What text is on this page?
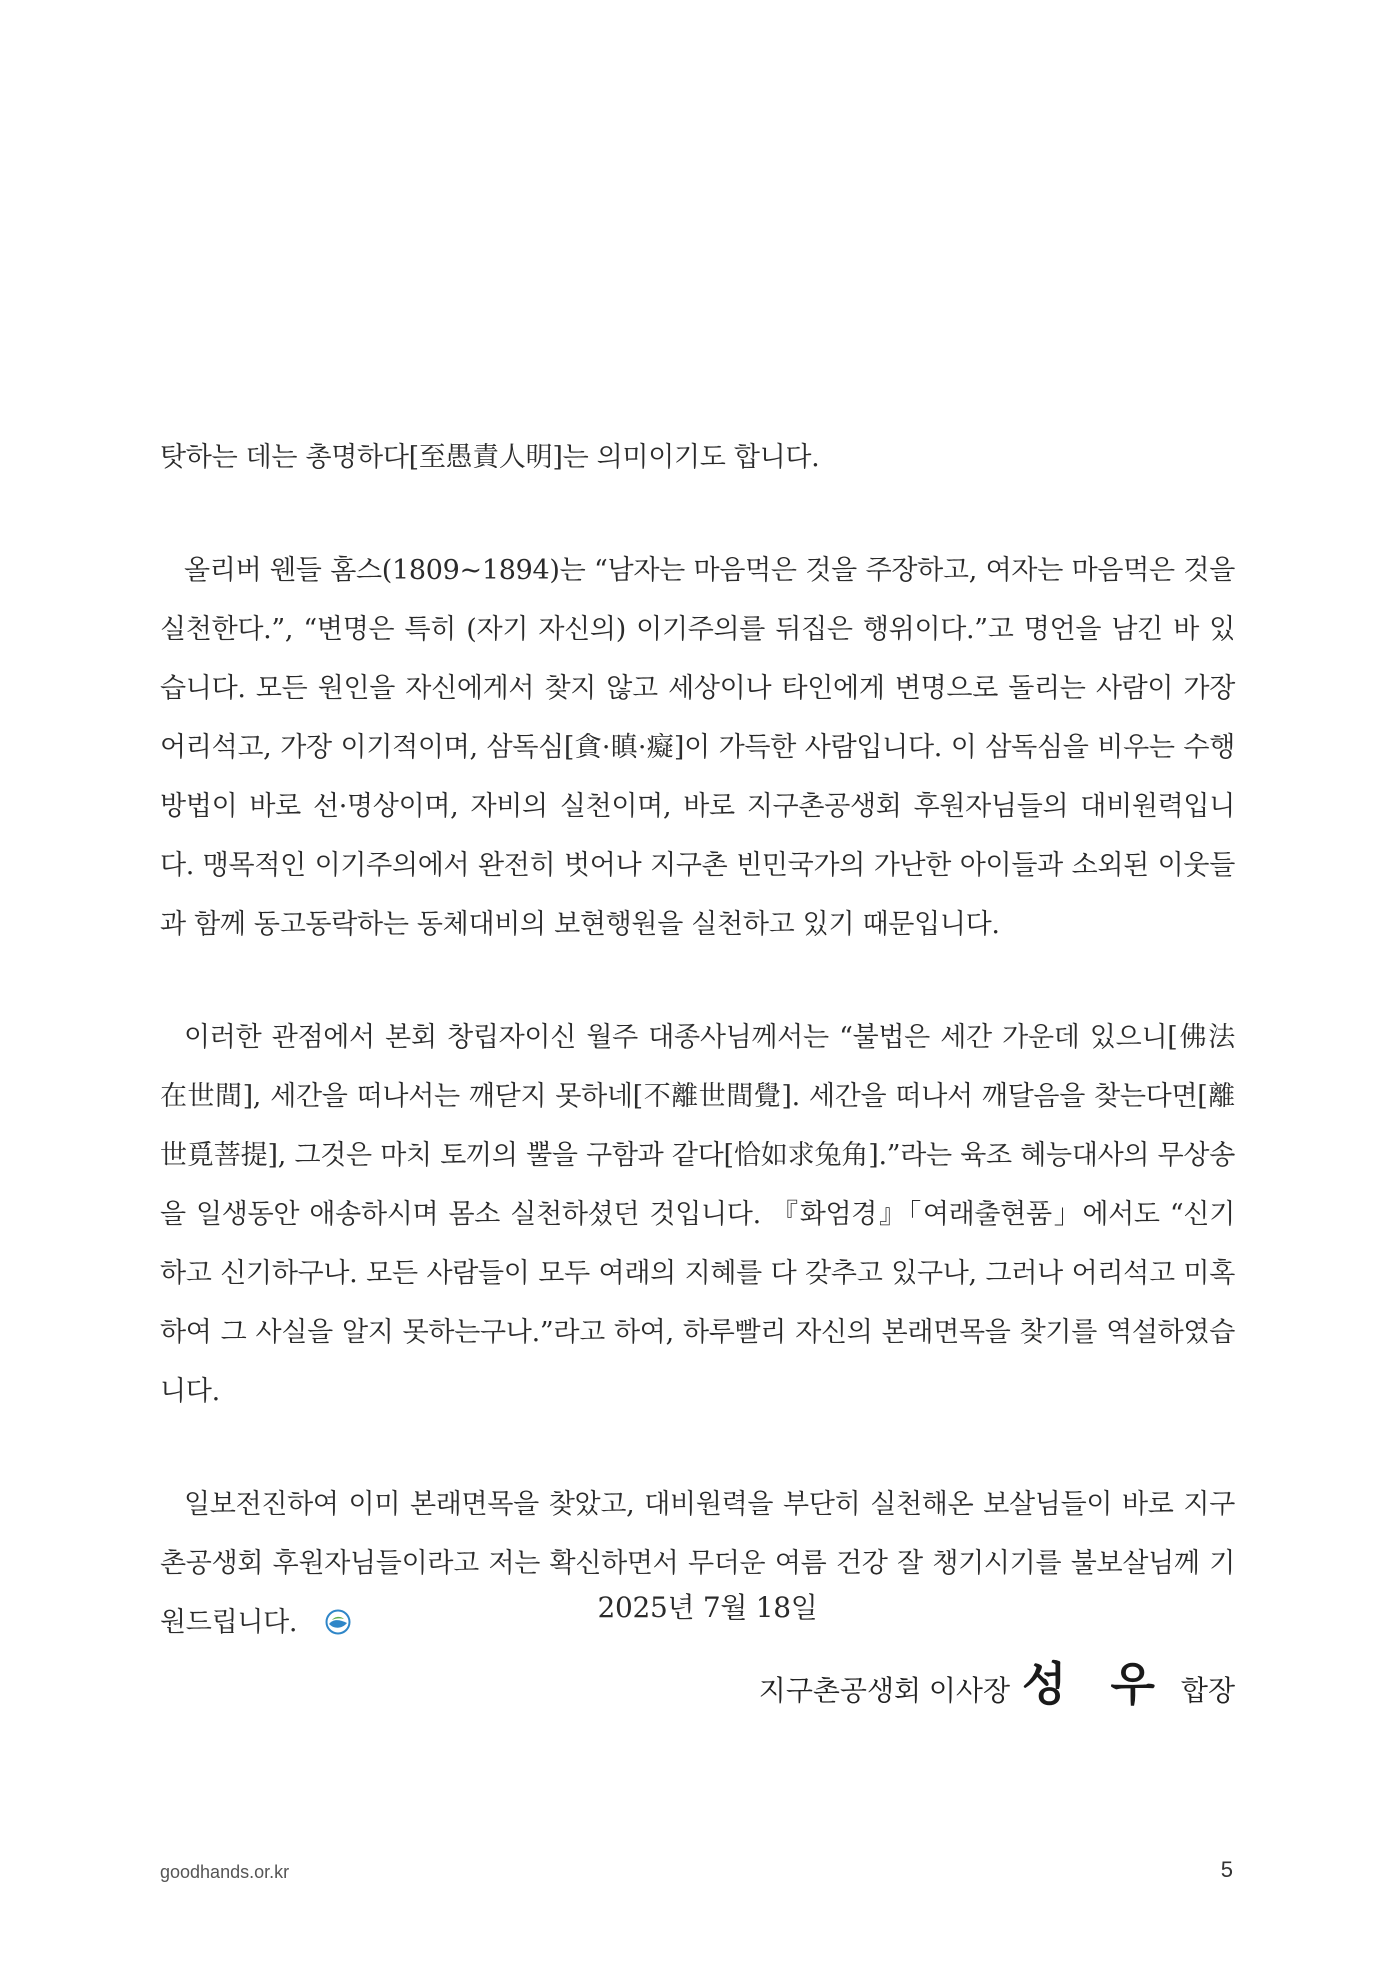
탓하는 데는 총명하다[至愚責人明]는 의미이기도 합니다.

올리버 웬들 홈스(1809~1894)는 “남자는 마음먹은 것을 주장하고, 여자는 마음먹은 것을 실천한다.”, “변명은 특히 (자기 자신의) 이기주의를 뒤집은 행위이다.”고 명언을 남긴 바 있습니다. 모든 원인을 자신에게서 찾지 않고 세상이나 타인에게 변명으로 돌리는 사람이 가장 어리석고, 가장 이기적이며, 삼독심[貪·瞋·癡]이 가득한 사람입니다. 이 삼독심을 비우는 수행방법이 바로 선·명상이며, 자비의 실천이며, 바로 지구촌공생회 후원자님들의 대비원력입니다. 맹목적인 이기주의에서 완전히 벗어나 지구촌 빈민국가의 가난한 아이들과 소외된 이웃들과 함께 동고동락하는 동체대비의 보현행원을 실천하고 있기 때문입니다.

이러한 관점에서 본회 창립자이신 월주 대종사님께서는 “불법은 세간 가운데 있으니[佛法在世間], 세간을 떠나서는 깨닫지 못하네[不離世間覺]. 세간을 떠나서 깨달음을 찾는다면[離世覓菩提], 그것은 마치 토끼의 뿔을 구함과 같다[恰如求兔角].”라는 육조 혜능대사의 무상송을 일생동안 애송하시며 몸소 실천하셨던 것입니다. 『화엄경』「여래출현품」에서도 “신기하고 신기하구나. 모든 사람들이 모두 여래의 지혜를 다 갖추고 있구나, 그러나 어리석고 미혹하여 그 사실을 알지 못하는구나.”라고 하여, 하루빨리 자신의 본래면목을 찾기를 역설하였습니다.

일보전진하여 이미 본래면목을 찾았고, 대비원력을 부단히 실천해온 보살님들이 바로 지구촌공생회 후원자님들이라고 저는 확신하면서 무더운 여름 건강 잘 챙기시기를 불보살님께 기원드립니다.	2025년 7월 18일
지구촌공생회 이사장 성 우 합장
goodhands.or.kr	5
